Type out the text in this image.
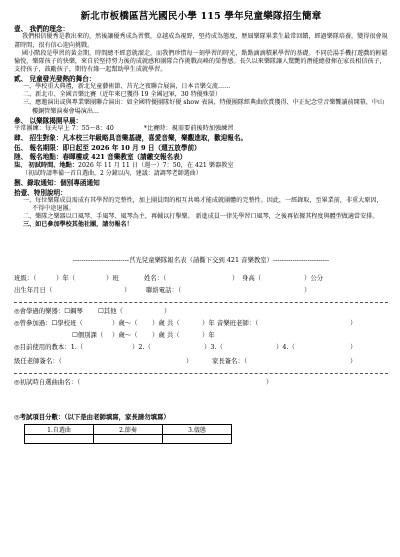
新北市板橋區莒光國民小學 115 學年兒童樂隊招生簡章
壹、 我們的理念：

我們相信優秀是教出來的，然後讓優秀成為習慣，卓越成為視野，堅持成為態度，歷屆樂隊畢業生最常回饋，經過樂隊培養，變得很會規畫時間，很有信心迎向挑戰。

國小階段是學習的黃金期，時間總不經意就溜走，而我們珍惜每一刻學習的時光，點點滴滴積累學習的基礎。不同於湯手機打遊戲的輕鬆愉悅，樂隊孩子的快樂，來自於堅持努力後的成就感和團隊合作挑戰高峰的榮譽感。長久以來樂隊讓人驚艷的潛能總發揮在家長相信孩子，支持孩子，鼓勵孩子，期待有緣一起幫助學生成就學習。

貳、 兒童發光發熱的舞台：

一、學校重大典禮，新北兒童藝術節、莒光之夜聯合展演，日本音樂交流……

二、新北市、全國音樂比賽（近年來已獲得 19 全國冠軍，30 特優殊榮）

三、應邀演出或與專業樂團聯合演出：如全國特優團隊好優 show 表演，特優團隊經典曲欣賞獲得、中正紀念堂音樂饗讀前開幕，中山樓銅管樂演奏會場演出…

參、 以樂隊揭開早晨：
平常團練：每天早上 7：55～8：40	*比賽時：視需要前後時加強練習
肆、 招生對象：凡本校三年級略具音樂基礎，喜愛音樂，樂觀進取，歡迎報名。
伍、 報名期限：即日起至 2026 年 10 月 9 日（週五放學前）
陸、 報名地點：春暉樓或 421 音樂教室（請繳交報名表）
柒、 初試時間、地點：2026 年 11 月 11 日（週一）7：50，在 421 樂器教室
（初試時請準備一首自選曲，2 分鐘以內，建議：請調琴老師選曲）
捌、錄取通知：個別專函通知
拾壹、特別說明：

一、每位樂隊成員需成有其學習的完整性，加上團員間的相互共鳴才能成就團體的完整性。因此，一經錄取，至畢業前，非重大原因，不得中途退團。

二、樂隊之樂器以口風琴、手風琴、風琴為主，再輔以打擊樂。 新進成員一律先學習口風琴，之後再依據其程度與體型做適當安排。

三、如已參加學校其他社團，請勿報名！

--------------------------莒光兒童樂隊報名表（請撕下交到 421 音樂教室）--------------------------
班級：（	）年（	）班	姓名：（	） 身高（	）公分
出生年月日（	） 聯絡電話：（	）
◎會學過的樂器：☐鋼琴 ☐其他（	）
◎曾參加過：☐學校班（	）歲～（ ）歲 共（	）年 音樂班老師：（	）
☐個別課（ ）歲～（ ）歲 共（	）年
◎目前使用的教本：1.（	）2.（	）3.（	）4.（	）
級任老師簽名：（	）	家長簽名：（	）
◎初試時自選曲曲名：（	）
◎考試項目分數：（以下是由老師填寫，家長請勿填寫）
1.自選曲	2.節奏	3.儀態
